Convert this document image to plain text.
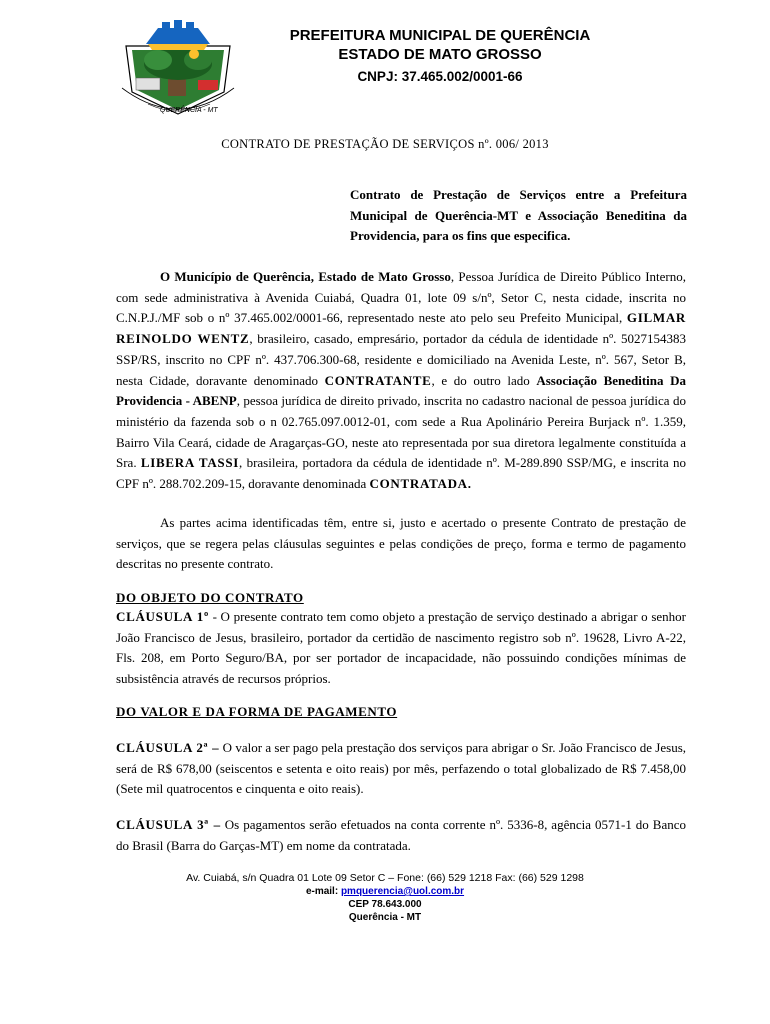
QUERÊNCIA - MT
PREFEITURA MUNICIPAL DE QUERÊNCIA
ESTADO DE MATO GROSSO
CNPJ: 37.465.002/0001-66
CONTRATO DE PRESTAÇÃO DE SERVIÇOS nº. 006/ 2013
Contrato de Prestação de Serviços entre a Prefeitura Municipal de Querência-MT e Associação Beneditina da Providencia, para os fins que especifica.
O Município de Querência, Estado de Mato Grosso, Pessoa Jurídica de Direito Público Interno, com sede administrativa à Avenida Cuiabá, Quadra 01, lote 09 s/nº, Setor C, nesta cidade, inscrita no C.N.P.J./MF sob o nº 37.465.002/0001-66, representado neste ato pelo seu Prefeito Municipal, GILMAR REINOLDO WENTZ, brasileiro, casado, empresário, portador da cédula de identidade nº. 5027154383 SSP/RS, inscrito no CPF nº. 437.706.300-68, residente e domiciliado na Avenida Leste, nº. 567, Setor B, nesta Cidade, doravante denominado CONTRATANTE, e do outro lado Associação Beneditina Da Providencia - ABENP, pessoa jurídica de direito privado, inscrita no cadastro nacional de pessoa jurídica do ministério da fazenda sob o n 02.765.097.0012-01, com sede a Rua Apolinário Pereira Burjack nº. 1.359, Bairro Vila Ceará, cidade de Aragarças-GO, neste ato representada por sua diretora legalmente constituída a Sra. LIBERA TASSI, brasileira, portadora da cédula de identidade nº. M-289.890 SSP/MG, e inscrita no CPF nº. 288.702.209-15, doravante denominada CONTRATADA.
As partes acima identificadas têm, entre si, justo e acertado o presente Contrato de prestação de serviços, que se regera pelas cláusulas seguintes e pelas condições de preço, forma e termo de pagamento descritas no presente contrato.
DO OBJETO DO CONTRATO
CLÁUSULA 1º - O presente contrato tem como objeto a prestação de serviço destinado a abrigar o senhor João Francisco de Jesus, brasileiro, portador da certidão de nascimento registro sob nº. 19628, Livro A-22, Fls. 208, em Porto Seguro/BA, por ser portador de incapacidade, não possuindo condições mínimas de subsistência através de recursos próprios.
DO VALOR E DA FORMA DE PAGAMENTO
CLÁUSULA 2ª – O valor a ser pago pela prestação dos serviços para abrigar o Sr. João Francisco de Jesus, será de R$ 678,00 (seiscentos e setenta e oito reais) por mês, perfazendo o total globalizado de R$ 7.458,00 (Sete mil quatrocentos e cinquenta e oito reais).
CLÁUSULA 3ª – Os pagamentos serão efetuados na conta corrente nº. 5336-8, agência 0571-1 do Banco do Brasil (Barra do Garças-MT) em nome da contratada.
Av. Cuiabá, s/n Quadra 01 Lote 09 Setor C – Fone: (66) 529 1218 Fax: (66) 529 1298
e-mail: pmquerencia@uol.com.br
CEP 78.643.000
Querência - MT
